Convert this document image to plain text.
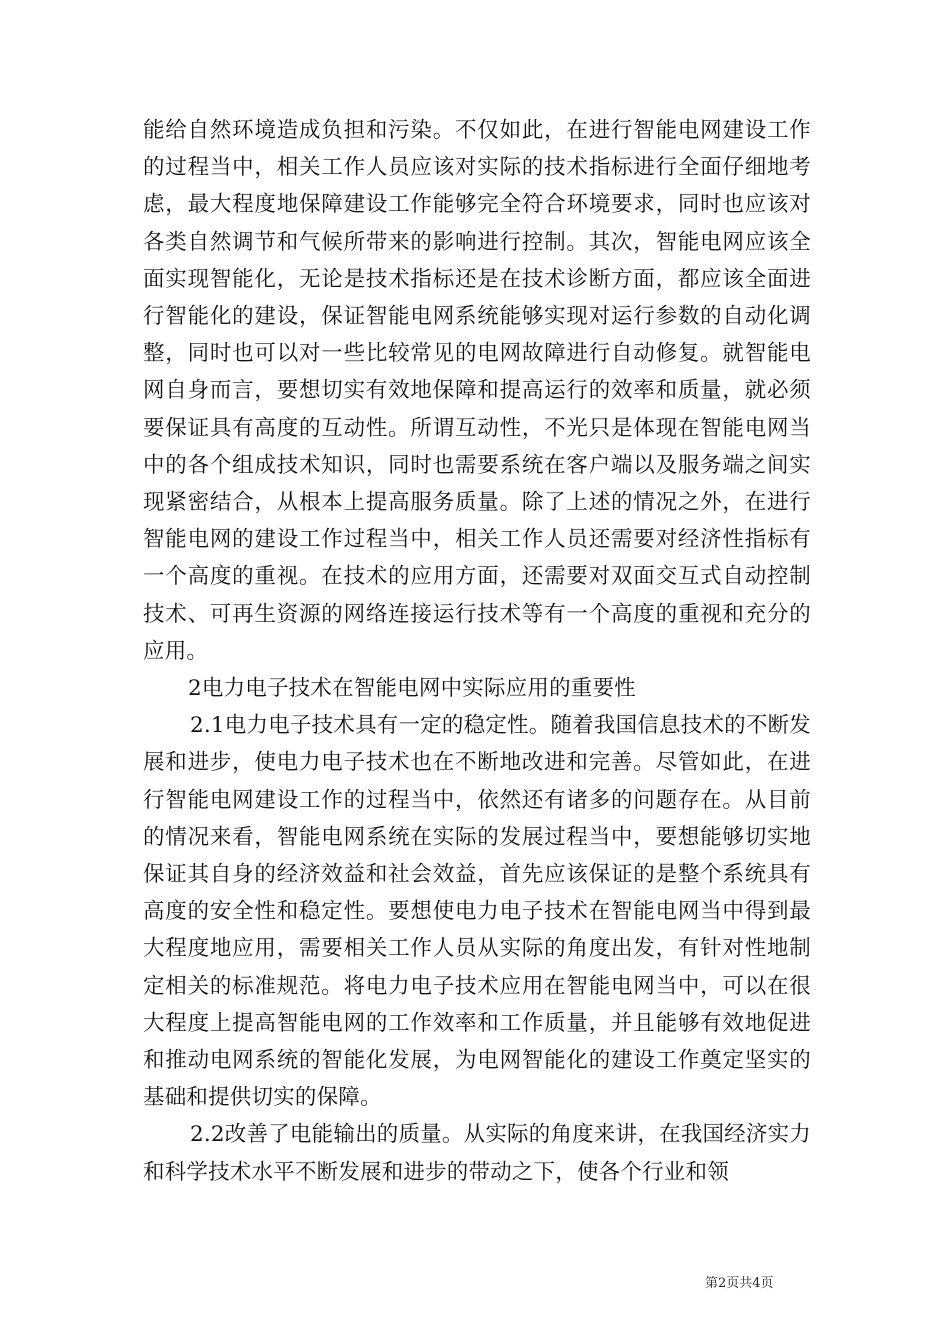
能给自然环境造成负担和污染。不仅如此，在进行智能电网建设工作的过程当中，相关工作人员应该对实际的技术指标进行全面仔细地考虑，最大程度地保障建设工作能够完全符合环境要求，同时也应该对各类自然调节和气候所带来的影响进行控制。其次，智能电网应该全面实现智能化，无论是技术指标还是在技术诊断方面，都应该全面进行智能化的建设，保证智能电网系统能够实现对运行参数的自动化调整，同时也可以对一些比较常见的电网故障进行自动修复。就智能电网自身而言，要想切实有效地保障和提高运行的效率和质量，就必须要保证具有高度的互动性。所谓互动性，不光只是体现在智能电网当中的各个组成技术知识，同时也需要系统在客户端以及服务端之间实现紧密结合，从根本上提高服务质量。除了上述的情况之外，在进行智能电网的建设工作过程当中，相关工作人员还需要对经济性指标有一个高度的重视。在技术的应用方面，还需要对双面交互式自动控制技术、可再生资源的网络连接运行技术等有一个高度的重视和充分的应用。

2电力电子技术在智能电网中实际应用的重要性

2.1电力电子技术具有一定的稳定性。随着我国信息技术的不断发展和进步，使电力电子技术也在不断地改进和完善。尽管如此，在进行智能电网建设工作的过程当中，依然还有诸多的问题存在。从目前的情况来看，智能电网系统在实际的发展过程当中，要想能够切实地保证其自身的经济效益和社会效益，首先应该保证的是整个系统具有高度的安全性和稳定性。要想使电力电子技术在智能电网当中得到最大程度地应用，需要相关工作人员从实际的角度出发，有针对性地制定相关的标准规范。将电力电子技术应用在智能电网当中，可以在很大程度上提高智能电网的工作效率和工作质量，并且能够有效地促进和推动电网系统的智能化发展，为电网智能化的建设工作奠定坚实的基础和提供切实的保障。

2.2改善了电能输出的质量。从实际的角度来讲，在我国经济实力和科学技术水平不断发展和进步的带动之下，使各个行业和领

第2页共4页
